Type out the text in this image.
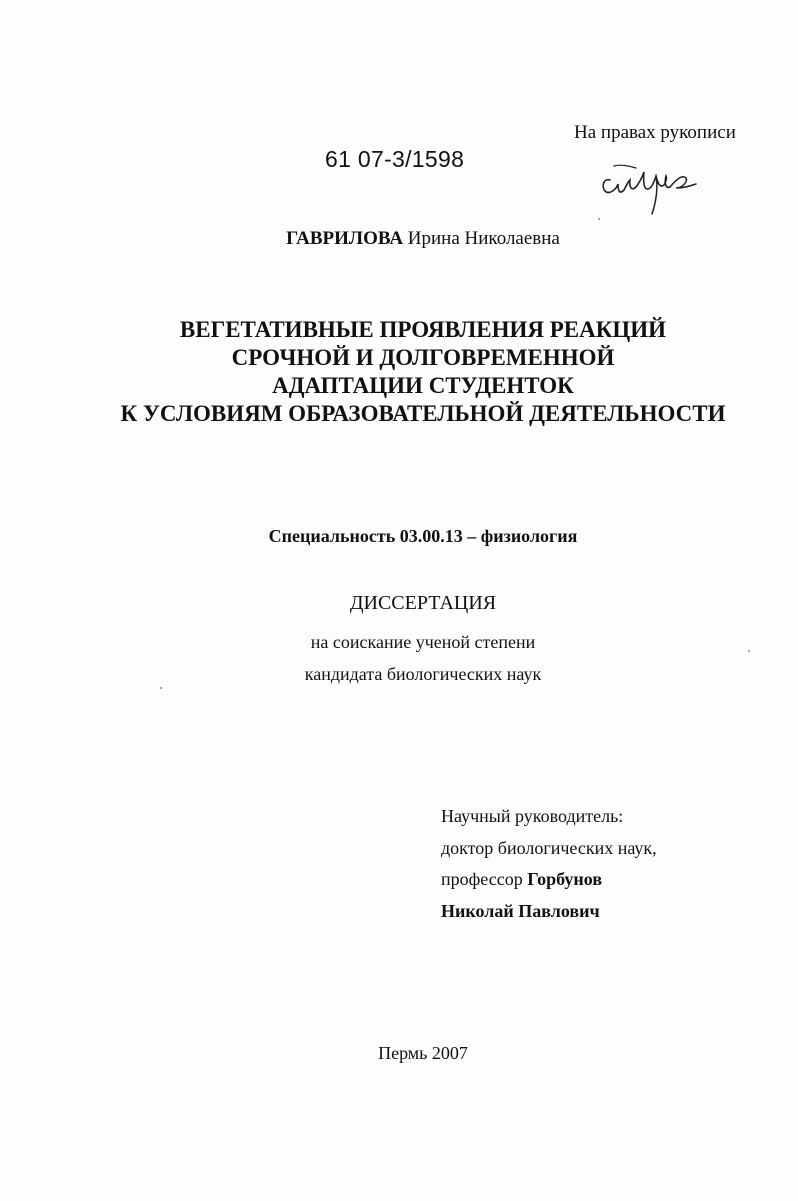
На правах рукописи
61 07-3/1598
ГАВРИЛОВА Ирина Николаевна
ВЕГЕТАТИВНЫЕ ПРОЯВЛЕНИЯ РЕАКЦИЙ
СРОЧНОЙ И ДОЛГОВРЕМЕННОЙ
АДАПТАЦИИ СТУДЕНТОК
К УСЛОВИЯМ ОБРАЗОВАТЕЛЬНОЙ ДЕЯТЕЛЬНОСТИ
Специальность 03.00.13 – физиология
ДИССЕРТАЦИЯ
на соискание ученой степени
кандидата биологических наук
Научный руководитель:
доктор биологических наук,
профессор Горбунов
Николай Павлович
Пермь 2007
